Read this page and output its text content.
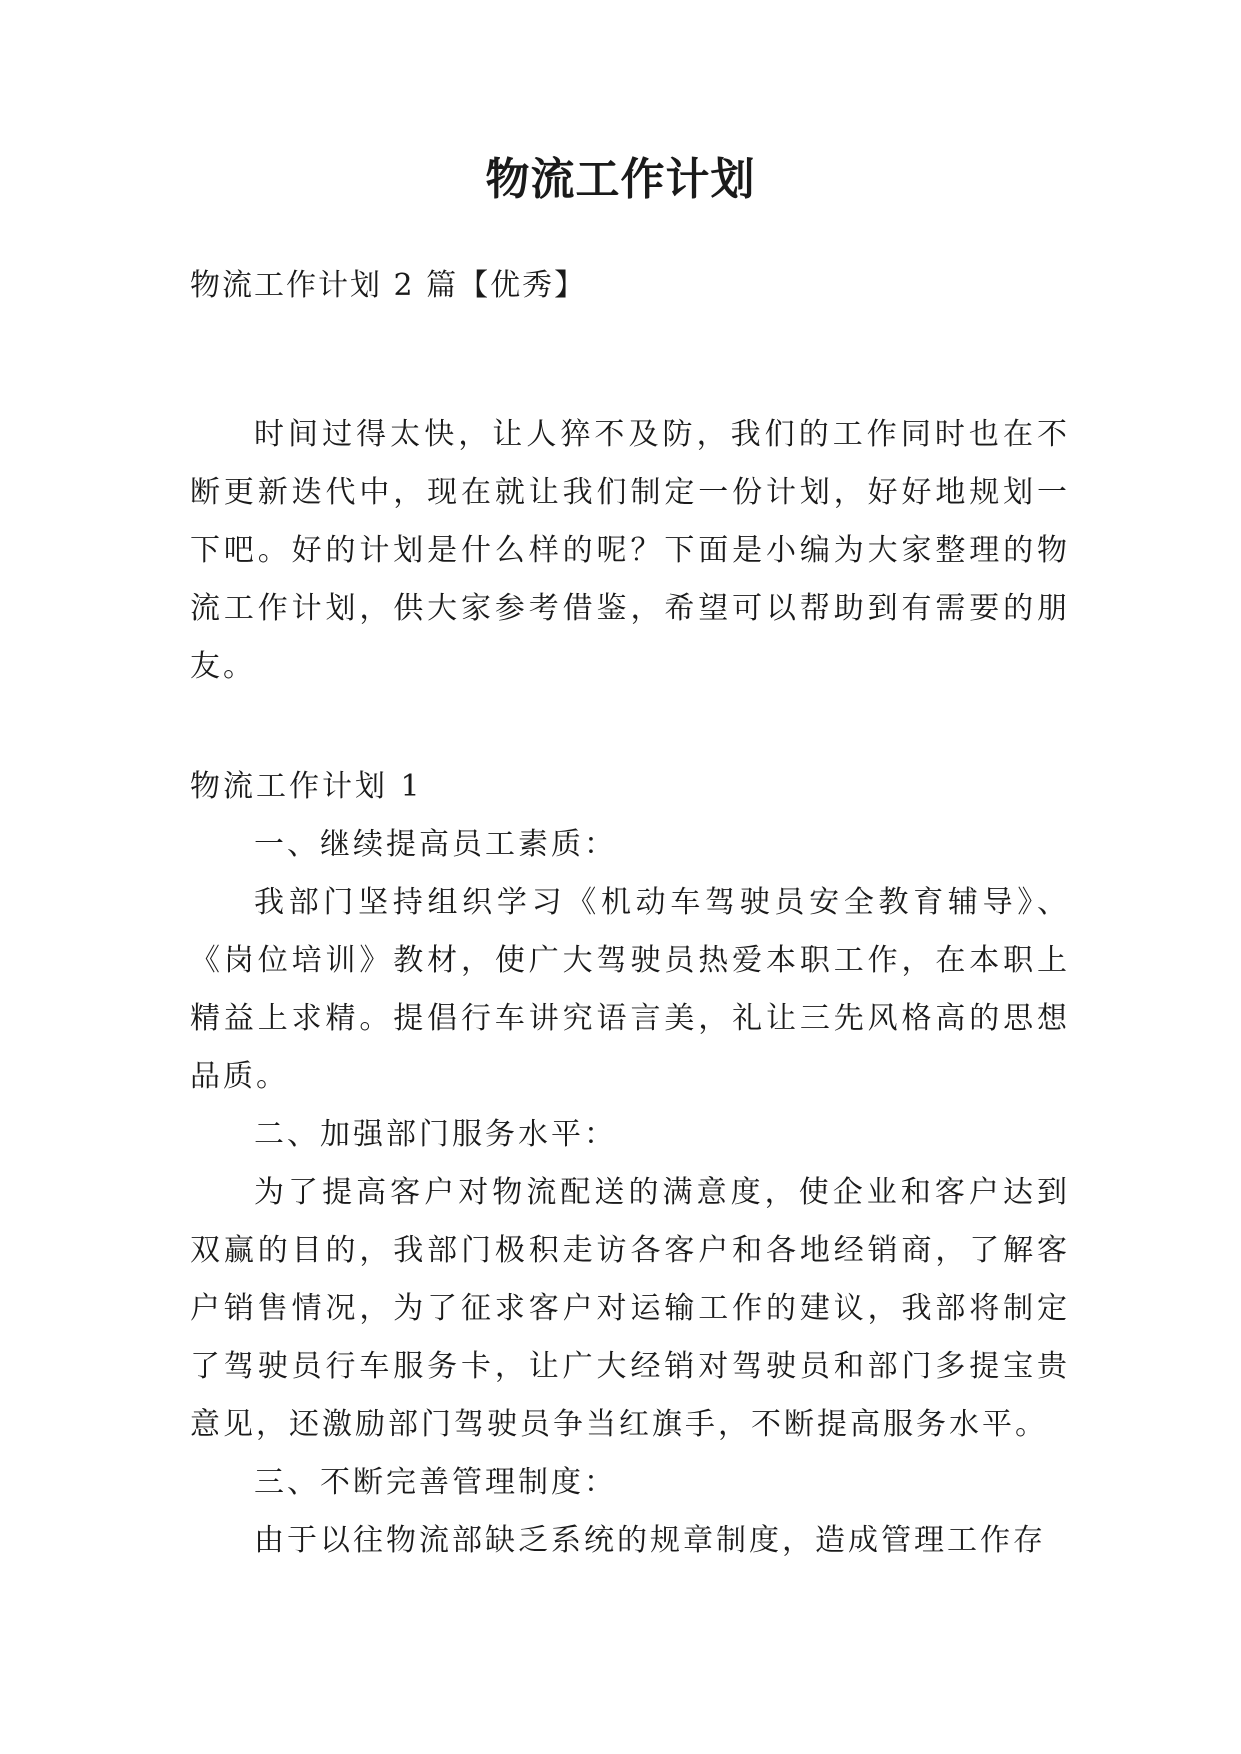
物流工作计划
物流工作计划 2 篇【优秀】

时间过得太快，让人猝不及防，我们的工作同时也在不断更新迭代中，现在就让我们制定一份计划，好好地规划一下吧。好的计划是什么样的呢？下面是小编为大家整理的物流工作计划，供大家参考借鉴，希望可以帮助到有需要的朋友。

物流工作计划 1

一、继续提高员工素质：

我部门坚持组织学习《机动车驾驶员安全教育辅导》、《岗位培训》教材，使广大驾驶员热爱本职工作，在本职上精益上求精。提倡行车讲究语言美，礼让三先风格高的思想品质。

二、加强部门服务水平：

为了提高客户对物流配送的满意度，使企业和客户达到双赢的目的，我部门极积走访各客户和各地经销商，了解客户销售情况，为了征求客户对运输工作的建议，我部将制定了驾驶员行车服务卡，让广大经销对驾驶员和部门多提宝贵意见，还激励部门驾驶员争当红旗手，不断提高服务水平。

三、不断完善管理制度：

由于以往物流部缺乏系统的规章制度，造成管理工作存
